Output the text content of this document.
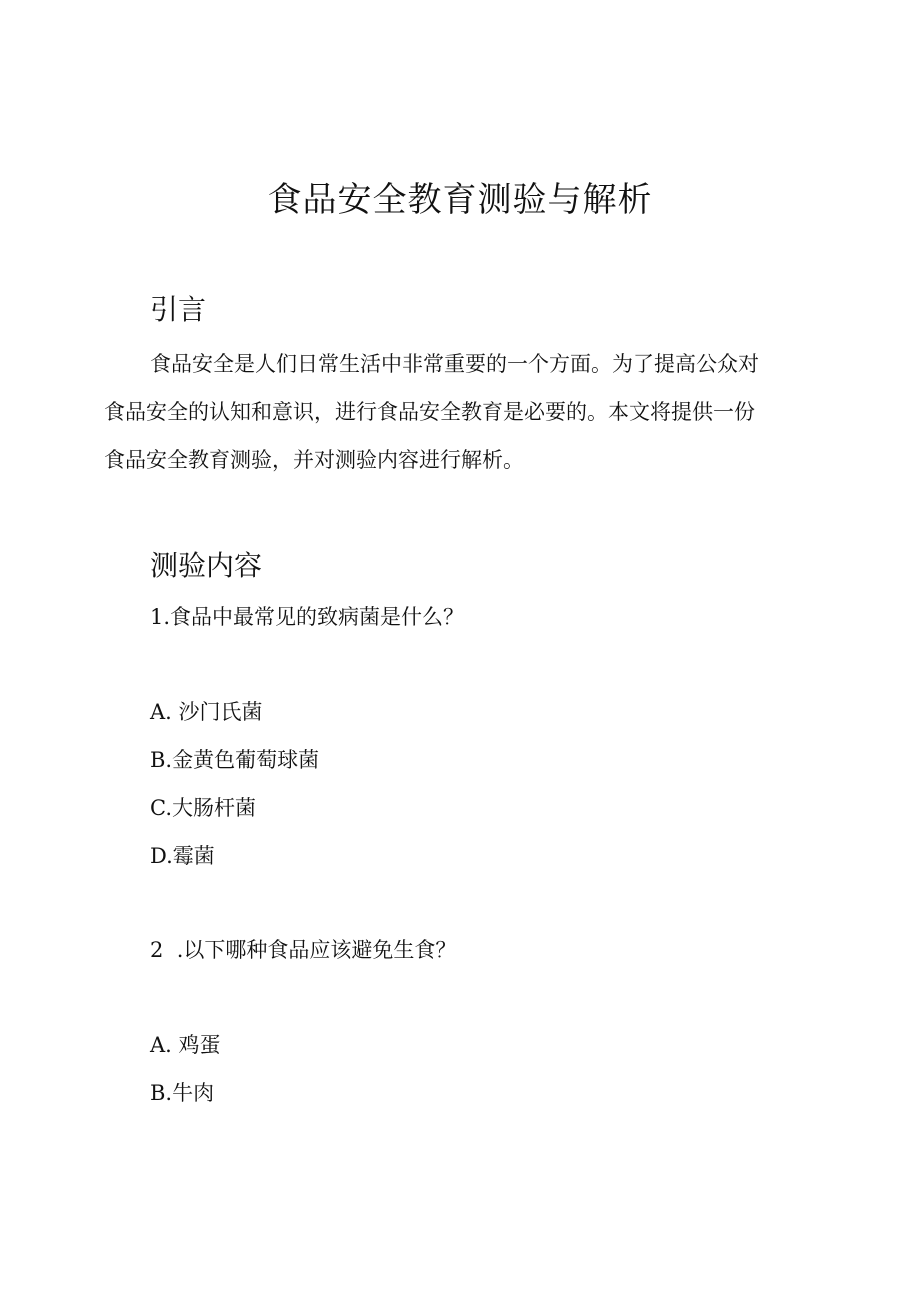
食品安全教育测验与解析
引言
食品安全是人们日常生活中非常重要的一个方面。为了提高公众对
食品安全的认知和意识，进行食品安全教育是必要的。本文将提供一份
食品安全教育测验，并对测验内容进行解析。
测验内容
1.食品中最常见的致病菌是什么？
A. 沙门氏菌
B.金黄色葡萄球菌
C.大肠杆菌
D.霉菌
2  .以下哪种食品应该避免生食？
A. 鸡蛋
B.牛肉
